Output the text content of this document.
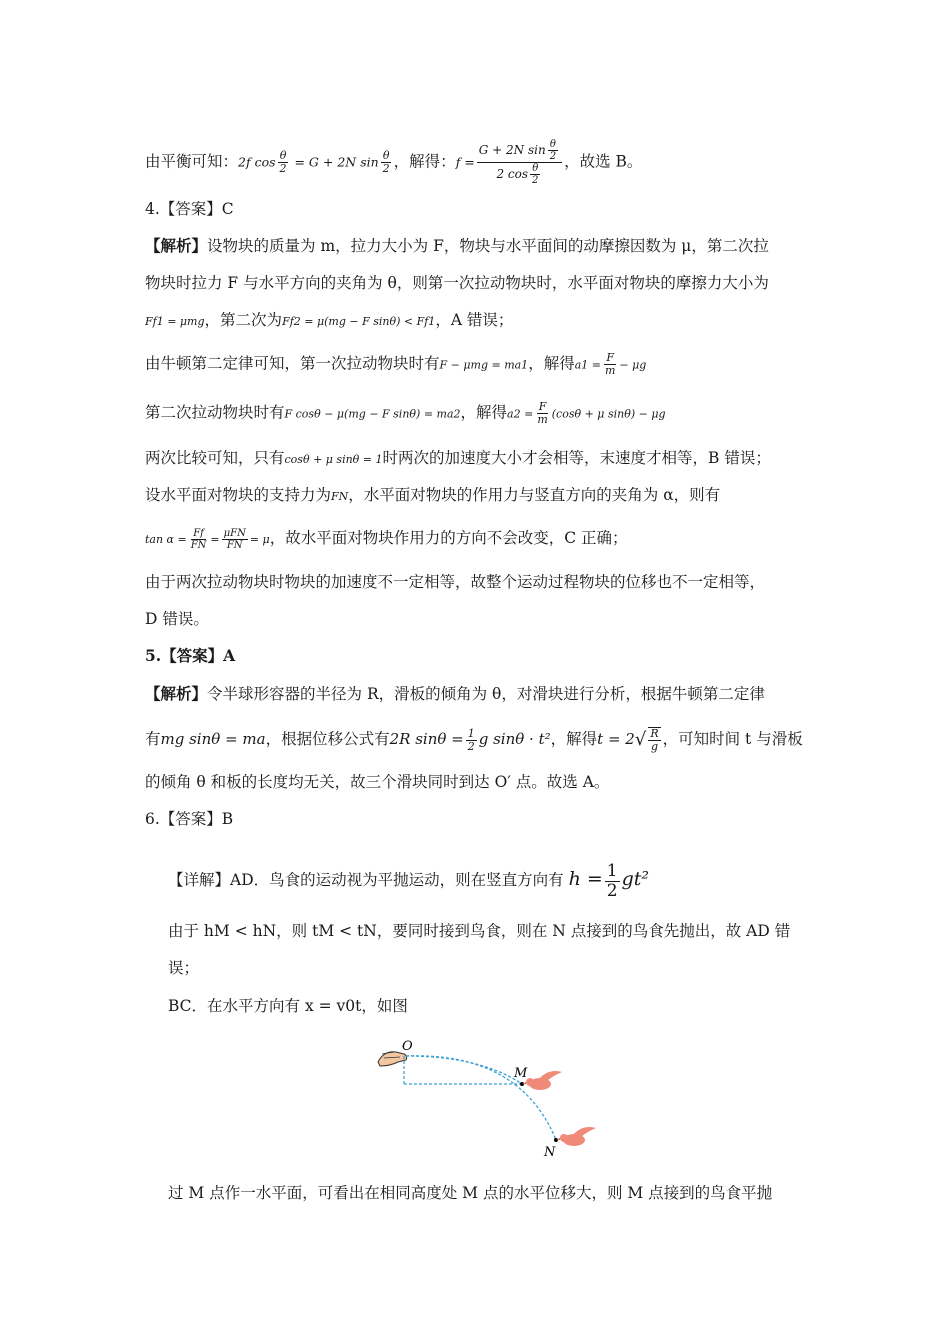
由平衡可知：2f $\cos \frac{\theta}{2} = G + 2N$ $\sin \frac{\theta}{2}$ ，解得：$f = \frac{G + 2N \sin \frac{\theta}{2}}{2 \cos \frac{\theta}{2}}$ ，故选 B。
4.【答案】C
【解析】设物块的质量为 m，拉力大小为 F，物块与水平面间的动摩擦因数为 μ，第二次拉
物块时拉力 F 与水平方向的夹角为 θ，则第一次拉动物块时，水平面对物块的摩擦力大小为
Ff1 = μmg，第二次为Ff2 = μ(mg − F sinθ) < Ff1，A 错误；
由牛顿第二定律可知，第一次拉动物块时有F − μmg = ma1，解得$a1 = \frac{F}{m} - \mu g$
第二次拉动物块时有F cosθ − μ(mg − F sinθ) = ma2，解得$a2 = \frac{F}{m} (\cos\theta + \mu$ sinθ) − μg
两次比较可知，只有cosθ + μ sinθ = 1时两次的加速度大小才会相等，末速度才相等，B 错误；
设水平面对物块的支持力为FN，水平面对物块的作用力与竖直方向的夹角为 α，则有
$\tan \alpha = \frac{Ff}{FN} = \frac{\text{μFN}}{FN} = \mu$，故水平面对物块作用力的方向不会改变，C 正确；
由于两次拉动物块时物块的加速度不一定相等，故整个运动过程物块的位移也不一定相等，
D 错误。
5.【答案】A
【解析】令半球形容器的半径为 R，滑板的倾角为 θ，对滑块进行分析，根据牛顿第二定律
有mg sinθ = ma，根据位移公式有2R $\sin\theta = \frac{1}{2}$ g sinθ · t²，解得$t = 2√ \frac{R}{g}$ ，可知时间 t 与滑板
的倾角 θ 和板的长度均无关，故三个滑块同时到达 O′ 点。故选 A。
6.【答案】B
【详解】AD．鸟食的运动视为平抛运动，则在竖直方向有 $h = \frac{1}{2} gt^2$
由于 hM < hN，则 tM < tN，要同时接到鸟食，则在 N 点接到的鸟食先抛出，故 AD 错
误；
BC．在水平方向有 x = v0t，如图
O
M
N
过 M 点作一水平面，可看出在相同高度处 M 点的水平位移大，则 M 点接到的鸟食平抛
